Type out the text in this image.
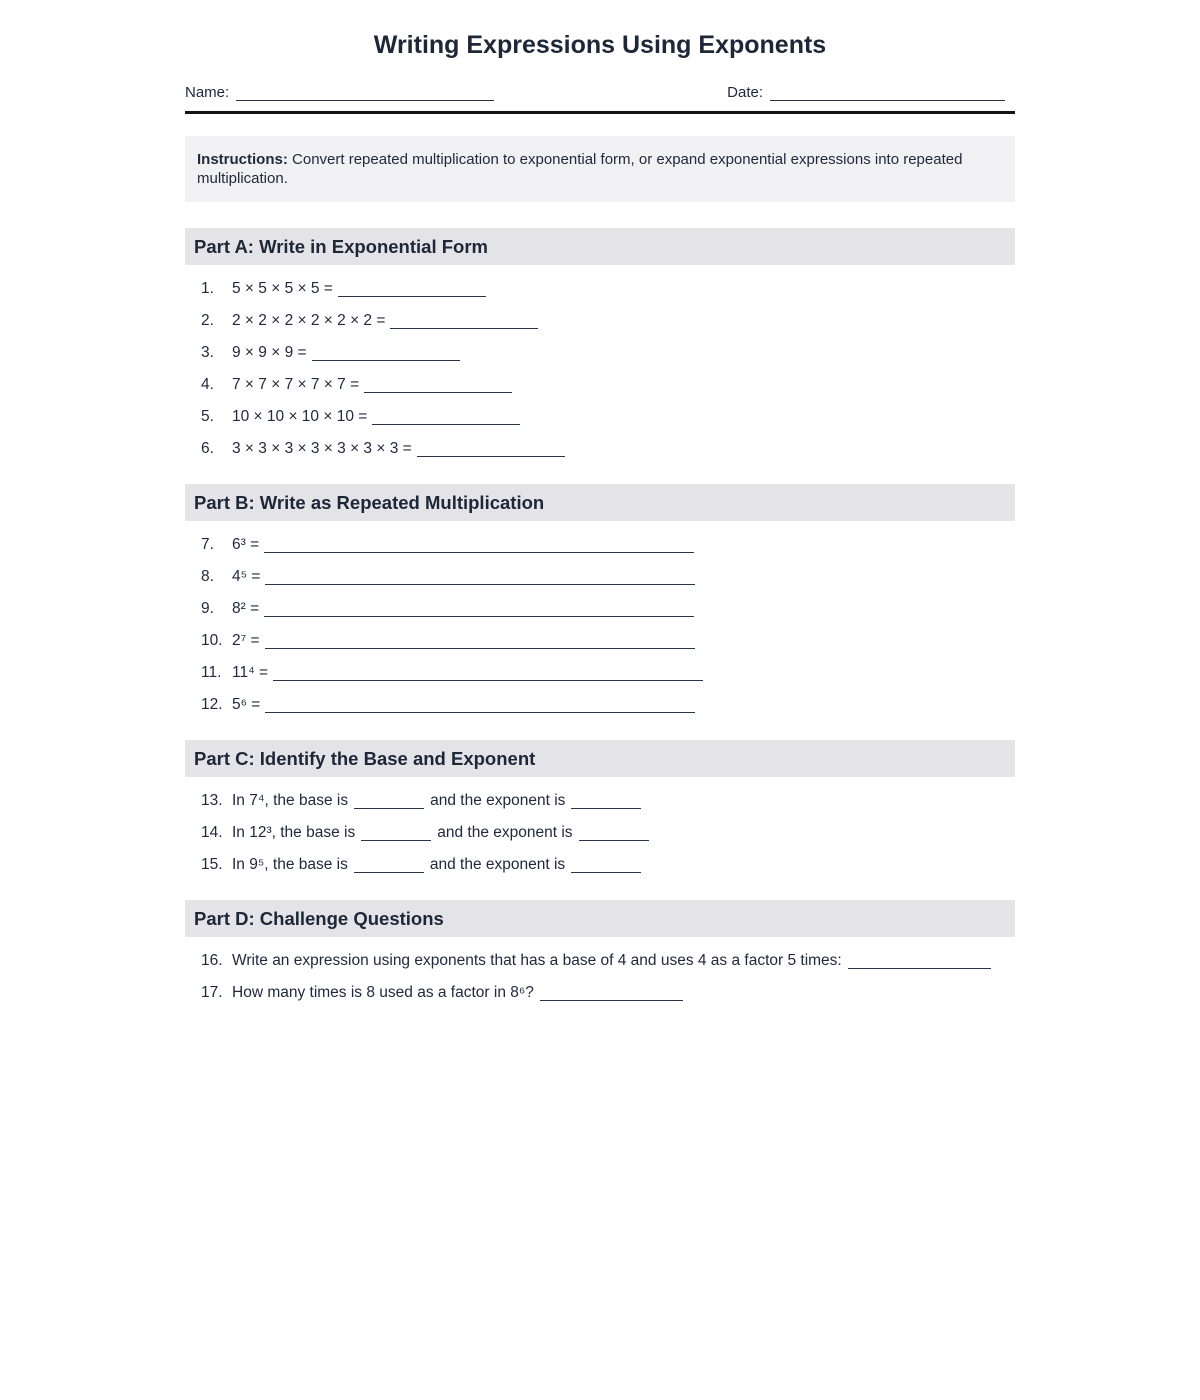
Writing Expressions Using Exponents
Name:	Date:
Instructions: Convert repeated multiplication to exponential form, or expand exponential expressions into repeated multiplication.
Part A: Write in Exponential Form
1. 5 × 5 × 5 × 5 =
2. 2 × 2 × 2 × 2 × 2 × 2 =
3. 9 × 9 × 9 =
4. 7 × 7 × 7 × 7 × 7 =
5. 10 × 10 × 10 × 10 =
6. 3 × 3 × 3 × 3 × 3 × 3 × 3 =
Part B: Write as Repeated Multiplication
7. 6³ =
8. 4⁵ =
9. 8² =
10. 2⁷ =
11. 11⁴ =
12. 5⁶ =
Part C: Identify the Base and Exponent
13. In 7⁴, the base is	and the exponent is
14. In 12³, the base is	and the exponent is
15. In 9⁵, the base is	and the exponent is
Part D: Challenge Questions
16. Write an expression using exponents that has a base of 4 and uses 4 as a factor 5 times:
17. How many times is 8 used as a factor in 8⁶?
